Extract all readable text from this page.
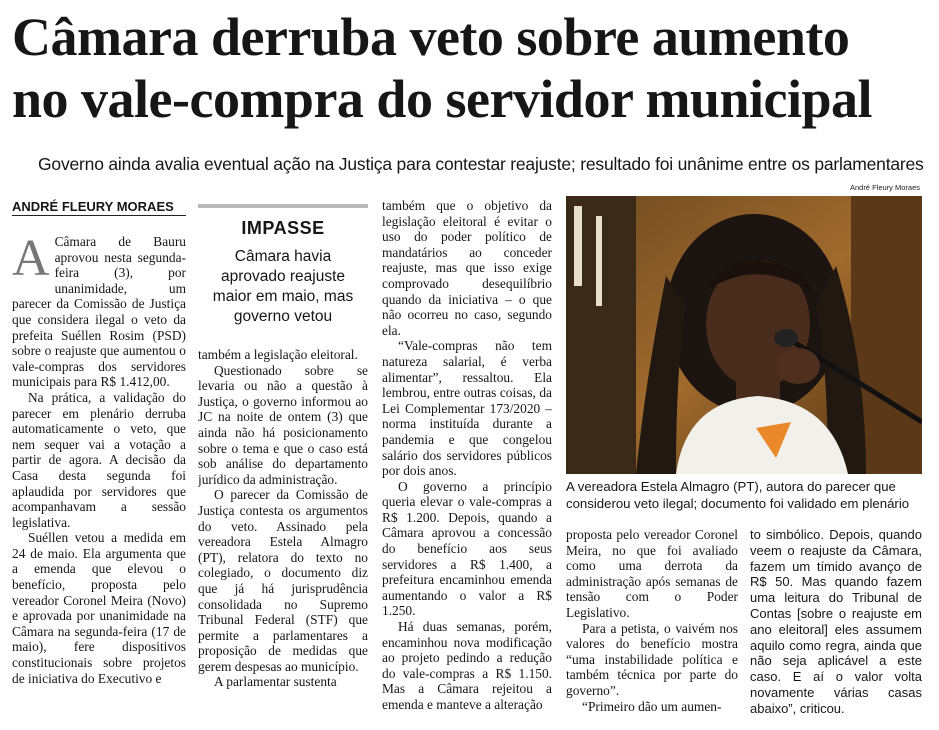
Câmara derruba veto sobre aumento
no vale-compra do servidor municipal
Governo ainda avalia eventual ação na Justiça para contestar reajuste; resultado foi unânime entre os parlamentares
ANDRÉ FLEURY MORAES
André Fleury Moraes

A Câmara de Bauru aprovou nesta segunda-feira (3), por unanimidade, um parecer da Comissão de Justiça que considera ilegal o veto da prefeita Suéllen Rosim (PSD) sobre o reajuste que aumentou o vale-compras dos servidores municipais para R$ 1.412,00.

Na prática, a validação do parecer em plenário derruba automaticamente o veto, que nem sequer vai a votação a partir de agora. A decisão da Casa desta segunda foi aplaudida por servidores que acompanhavam a sessão legislativa.

Suéllen vetou a medida em 24 de maio. Ela argumenta que a emenda que elevou o benefício, proposta pelo vereador Coronel Meira (Novo) e aprovada por unanimidade na Câmara na segunda-feira (17 de maio), fere dispositivos constitucionais sobre projetos de iniciativa do Executivo e

IMPASSE
Câmara havia aprovado reajuste maior em maio, mas governo vetou

também a legislação eleitoral.

Questionado sobre se levaria ou não a questão à Justiça, o governo informou ao JC na noite de ontem (3) que ainda não há posicionamento sobre o tema e que o caso está sob análise do departamento jurídico da administração.

O parecer da Comissão de Justiça contesta os argumentos do veto. Assinado pela vereadora Estela Almagro (PT), relatora do texto no colegiado, o documento diz que já há jurisprudência consolidada no Supremo Tribunal Federal (STF) que permite a parlamentares a proposição de medidas que gerem despesas ao município.

A parlamentar sustenta

também que o objetivo da legislação eleitoral é evitar o uso do poder político de mandatários ao conceder reajuste, mas que isso exige comprovado desequilíbrio quando da iniciativa – o que não ocorreu no caso, segundo ela.

“Vale-compras não tem natureza salarial, é verba alimentar”, ressaltou. Ela lembrou, entre outras coisas, da Lei Complementar 173/2020 – norma instituída durante a pandemia e que congelou salário dos servidores públicos por dois anos.

O governo a princípio queria elevar o vale-compras a R$ 1.200. Depois, quando a Câmara aprovou a concessão do benefício aos seus servidores a R$ 1.400, a prefeitura encaminhou emenda aumentando o valor a R$ 1.250.

Há duas semanas, porém, encaminhou nova modificação ao projeto pedindo a redução do vale-compras a R$ 1.150. Mas a Câmara rejeitou a emenda e manteve a alteração

A vereadora Estela Almagro (PT), autora do parecer que considerou veto ilegal; documento foi validado em plenário

proposta pelo vereador Coronel Meira, no que foi avaliado como uma derrota da administração após semanas de tensão com o Poder Legislativo.

Para a petista, o vaivém nos valores do benefício mostra “uma instabilidade política e também técnica por parte do governo”.

“Primeiro dão um aumen-

to simbólico. Depois, quando veem o reajuste da Câmara, fazem um tímido avanço de R$ 50. Mas quando fazem uma leitura do Tribunal de Contas [sobre o reajuste em ano eleitoral] eles assumem aquilo como regra, ainda que não seja aplicável a este caso. E aí o valor volta novamente várias casas abaixo”, criticou.
